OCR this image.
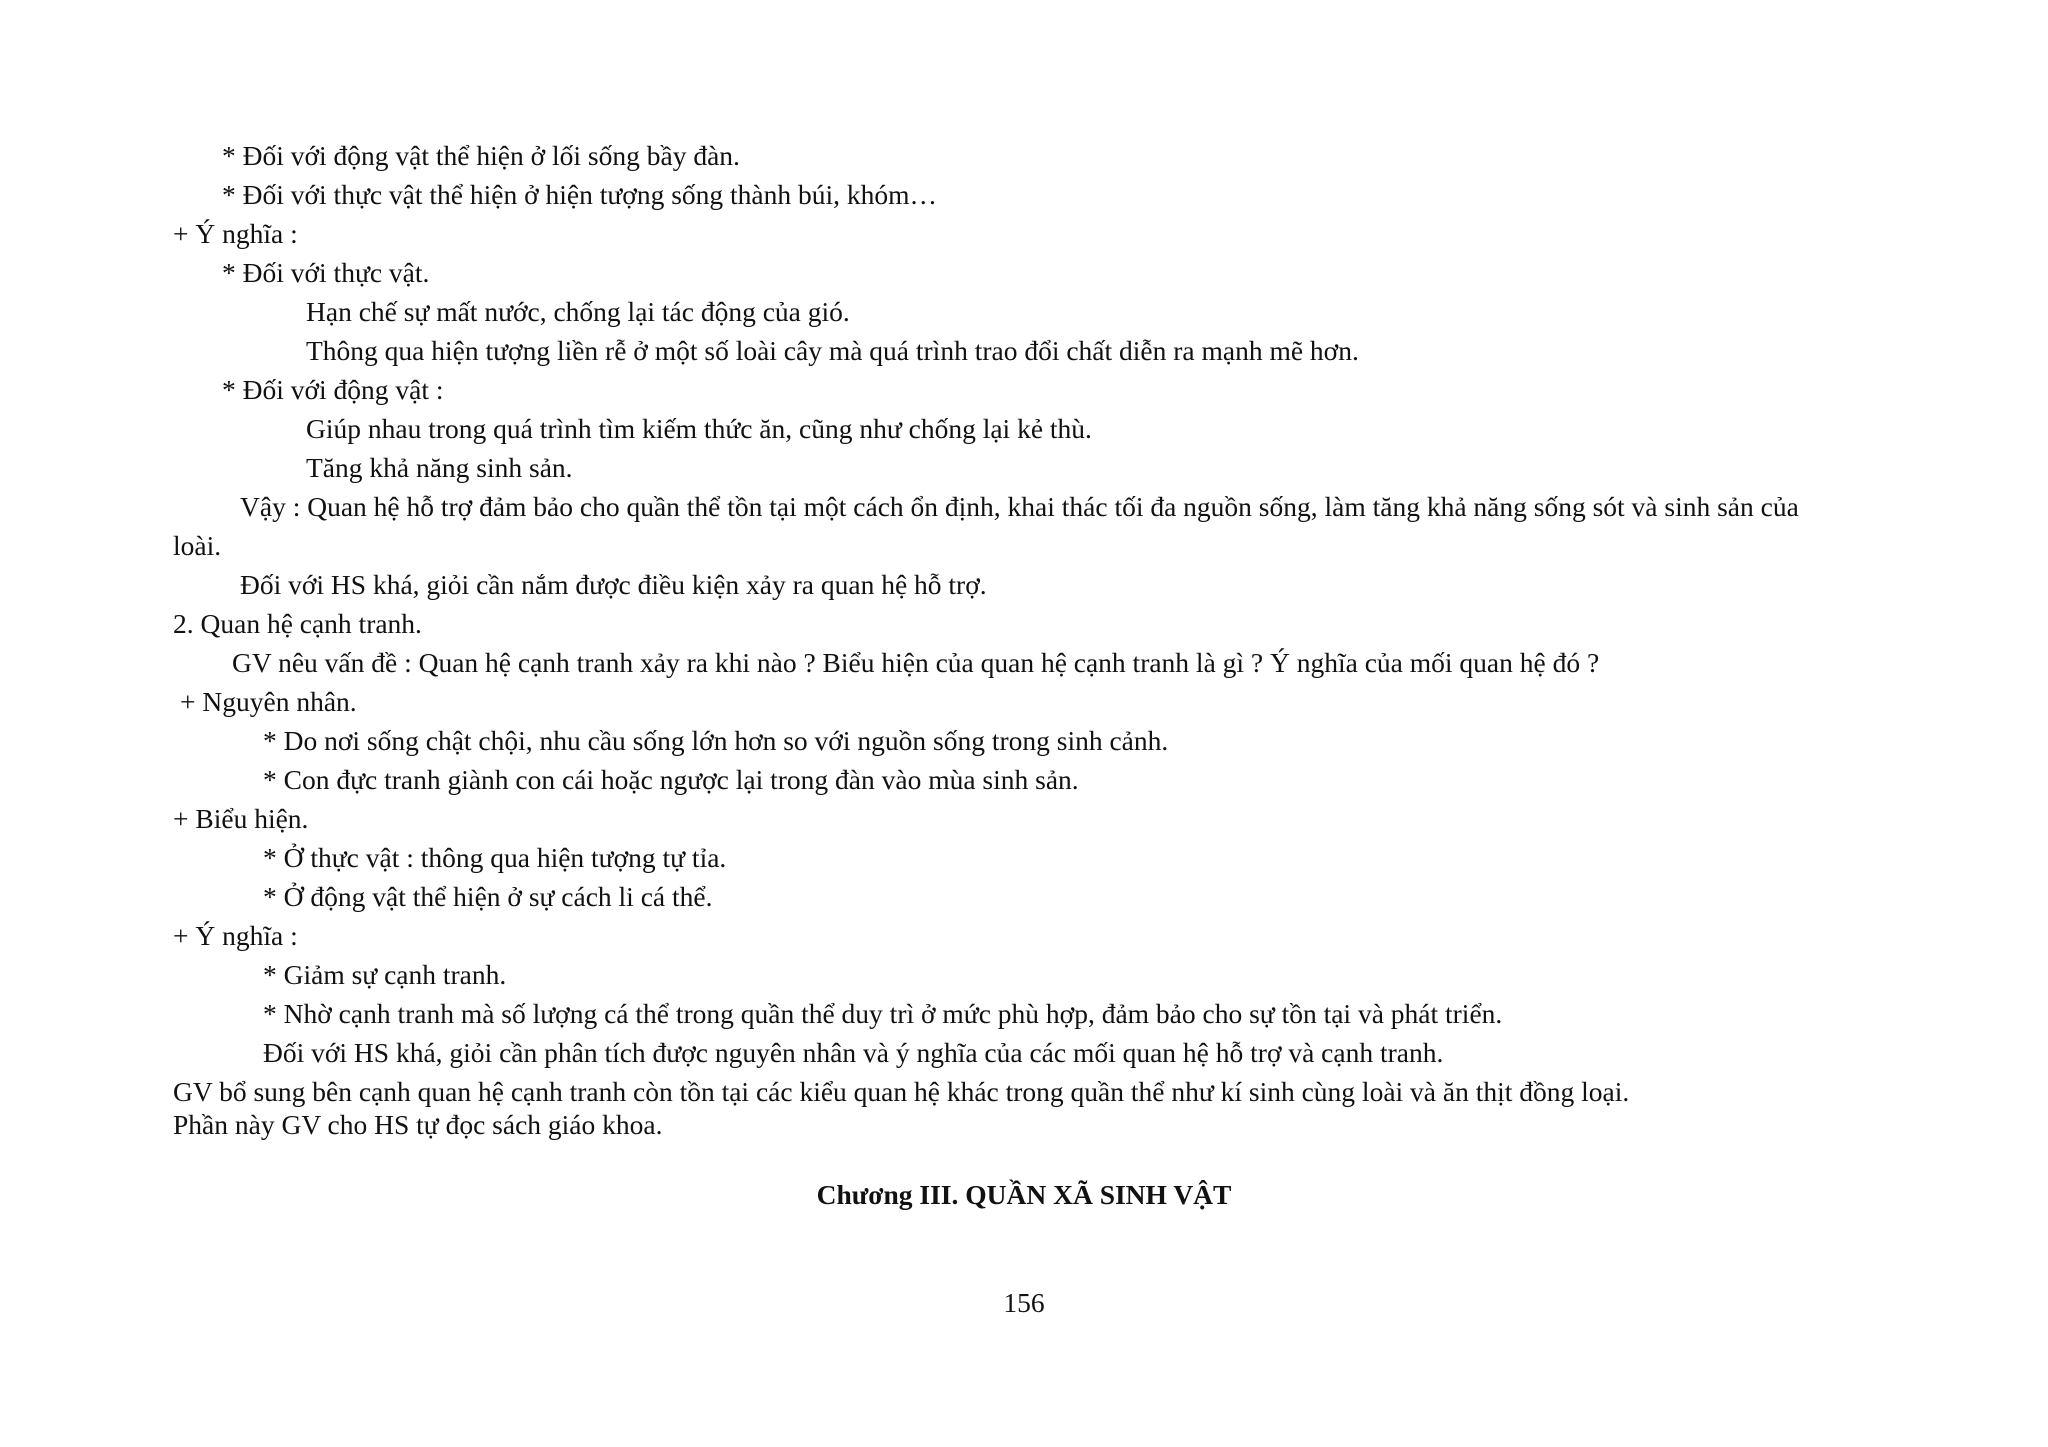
* Đối với động vật thể hiện ở lối sống bầy đàn.
* Đối với thực vật thể hiện ở hiện tượng sống thành búi, khóm…
+ Ý nghĩa :
* Đối với thực vật.
Hạn chế sự mất nước, chống lại tác động của gió.
Thông qua hiện tượng liền rễ ở một số loài cây mà quá trình trao đổi chất diễn ra mạnh mẽ hơn.
* Đối với động vật :
Giúp nhau trong quá trình tìm kiếm thức ăn, cũng như chống lại kẻ thù.
Tăng khả năng sinh sản.
Vậy : Quan hệ hỗ trợ đảm bảo cho quần thể tồn tại một cách ổn định, khai thác tối đa nguồn sống, làm tăng khả năng sống sót và sinh sản của
loài.
Đối với HS khá, giỏi cần nắm được điều kiện xảy ra quan hệ hỗ trợ.
2. Quan hệ cạnh tranh.
GV nêu vấn đề : Quan hệ cạnh tranh xảy ra khi nào ? Biểu hiện của quan hệ cạnh tranh là gì ? Ý nghĩa của mối quan hệ đó ?
+ Nguyên nhân.
* Do nơi sống chật chội, nhu cầu sống lớn hơn so với nguồn sống trong sinh cảnh.
* Con đực tranh giành con cái hoặc ngược lại trong đàn vào mùa sinh sản.
+ Biểu hiện.
* Ở thực vật : thông qua hiện tượng tự tỉa.
* Ở động vật thể hiện ở sự cách li cá thể.
+ Ý nghĩa :
* Giảm sự cạnh tranh.
* Nhờ cạnh tranh mà số lượng cá thể trong quần thể duy trì ở mức phù hợp, đảm bảo cho sự tồn tại và phát triển.
Đối với HS khá, giỏi cần phân tích được nguyên nhân và ý nghĩa của các mối quan hệ hỗ trợ và cạnh tranh.
GV bổ sung bên cạnh quan hệ cạnh tranh còn tồn tại các kiểu quan hệ khác trong quần thể như kí sinh cùng loài và ăn thịt đồng loại.
Phần này GV cho HS tự đọc sách giáo khoa.
Chương III. QUẦN XÃ SINH VẬT
156
